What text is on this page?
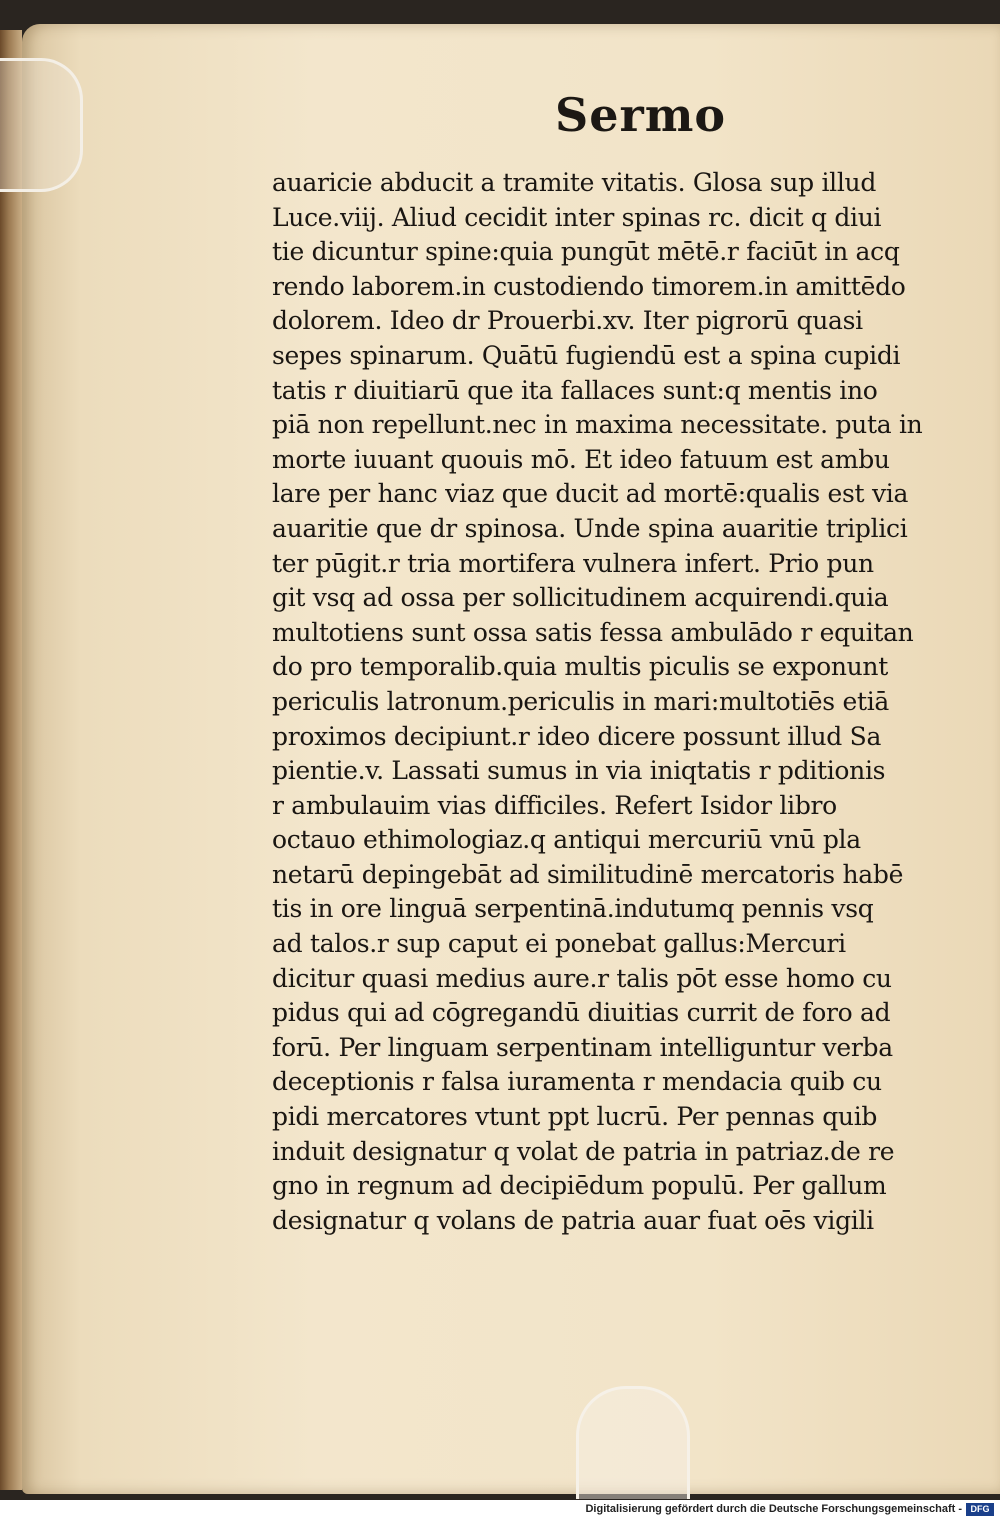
Sermo
auaricie abducit a tramite vitatis. Glosa sup illud
Luce.viij. Aliud cecidit inter spinas rc. dicit q diui
tie dicuntur spine:quia pungūt mētē.r faciūt in acq
rendo laborem.in custodiendo timorem.in amittēdo
dolorem. Ideo dr Prouerbi.xv. Iter pigrorū quasi
sepes spinarum. Quātū fugiendū est a spina cupidi
tatis r diuitiarū que ita fallaces sunt:q mentis ino
piā non repellunt.nec in maxima necessitate. puta in
morte iuuant quouis mō. Et ideo fatuum est ambu
lare per hanc viaz que ducit ad mortē:qualis est via
auaritie que dr spinosa. Unde spina auaritie triplici
ter pūgit.r tria mortifera vulnera infert. Prio pun
git vsq ad ossa per sollicitudinem acquirendi.quia
multotiens sunt ossa satis fessa ambulādo r equitan
do pro temporalib.quia multis piculis se exponunt
periculis latronum.periculis in mari:multotiēs etiā
proximos decipiunt.r ideo dicere possunt illud Sa
pientie.v. Lassati sumus in via iniqtatis r pditionis
r ambulauim vias difficiles. Refert Isidor libro
octauo ethimologiaz.q antiqui mercuriū vnū pla
netarū depingebāt ad similitudinē mercatoris habē
tis in ore linguā serpentinā.indutumq pennis vsq
ad talos.r sup caput ei ponebat gallus:Mercuri
dicitur quasi medius aure.r talis pōt esse homo cu
pidus qui ad cōgregandū diuitias currit de foro ad
forū. Per linguam serpentinam intelliguntur verba
deceptionis r falsa iuramenta r mendacia quib cu
pidi mercatores vtunt ppt lucrū. Per pennas quib
induit designatur q volat de patria in patriaz.de re
gno in regnum ad decipiēdum populū. Per gallum
designatur q volans de patria auar fuat oēs vigili
Digitalisierung gefördert durch die Deutsche Forschungsgemeinschaft - DFG
